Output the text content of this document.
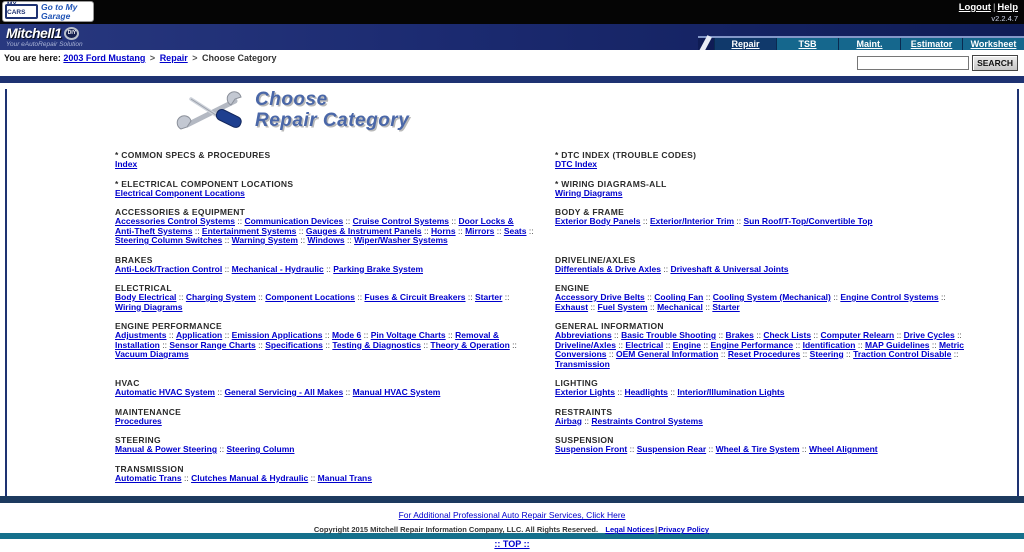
MY CARS
Go to My Garage
Logout | Help
v2.2.4.7
Mitchell1	DIY
Your eAutoRepair Solution	Repair	TSB	Maint.	Estimator	Worksheet
You are here: 2003 Ford Mustang > Repair > Choose Category	SEARCH
Choose
Repair Category
* COMMON SPECS & PROCEDURES
Index
* DTC INDEX (TROUBLE CODES)
DTC Index
* ELECTRICAL COMPONENT LOCATIONS
Electrical Component Locations
* WIRING DIAGRAMS-ALL
Wiring Diagrams
ACCESSORIES & EQUIPMENT
Accessories Control Systems :: Communication Devices :: Cruise Control Systems :: Door Locks & Anti-Theft Systems :: Entertainment Systems :: Gauges & Instrument Panels :: Horns :: Mirrors :: Seats :: Steering Column Switches :: Warning System :: Windows :: Wiper/Washer Systems
BODY & FRAME
Exterior Body Panels :: Exterior/Interior Trim :: Sun Roof/T-Top/Convertible Top
BRAKES
Anti-Lock/Traction Control :: Mechanical - Hydraulic :: Parking Brake System
DRIVELINE/AXLES
Differentials & Drive Axles :: Driveshaft & Universal Joints
ELECTRICAL
Body Electrical :: Charging System :: Component Locations :: Fuses & Circuit Breakers :: Starter :: Wiring Diagrams
ENGINE
Accessory Drive Belts :: Cooling Fan :: Cooling System (Mechanical) :: Engine Control Systems :: Exhaust :: Fuel System :: Mechanical :: Starter
ENGINE PERFORMANCE
Adjustments :: Application :: Emission Applications :: Mode 6 :: Pin Voltage Charts :: Removal & Installation :: Sensor Range Charts :: Specifications :: Testing & Diagnostics :: Theory & Operation :: Vacuum Diagrams
GENERAL INFORMATION
Abbreviations :: Basic Trouble Shooting :: Brakes :: Check Lists :: Computer Relearn :: Drive Cycles :: Driveline/Axles :: Electrical :: Engine :: Engine Performance :: Identification :: MAP Guidelines :: Metric Conversions :: OEM General Information :: Reset Procedures :: Steering :: Traction Control Disable :: Transmission
HVAC
Automatic HVAC System :: General Servicing - All Makes :: Manual HVAC System
LIGHTING
Exterior Lights :: Headlights :: Interior/Illumination Lights
MAINTENANCE
Procedures
RESTRAINTS
Airbag :: Restraints Control Systems
STEERING
Manual & Power Steering :: Steering Column
SUSPENSION
Suspension Front :: Suspension Rear :: Wheel & Tire System :: Wheel Alignment
TRANSMISSION
Automatic Trans :: Clutches Manual & Hydraulic :: Manual Trans
For Additional Professional Auto Repair Services, Click Here
Copyright 2015 Mitchell Repair Information Company, LLC. All Rights Reserved. Legal Notices|Privacy Policy
:: TOP ::
